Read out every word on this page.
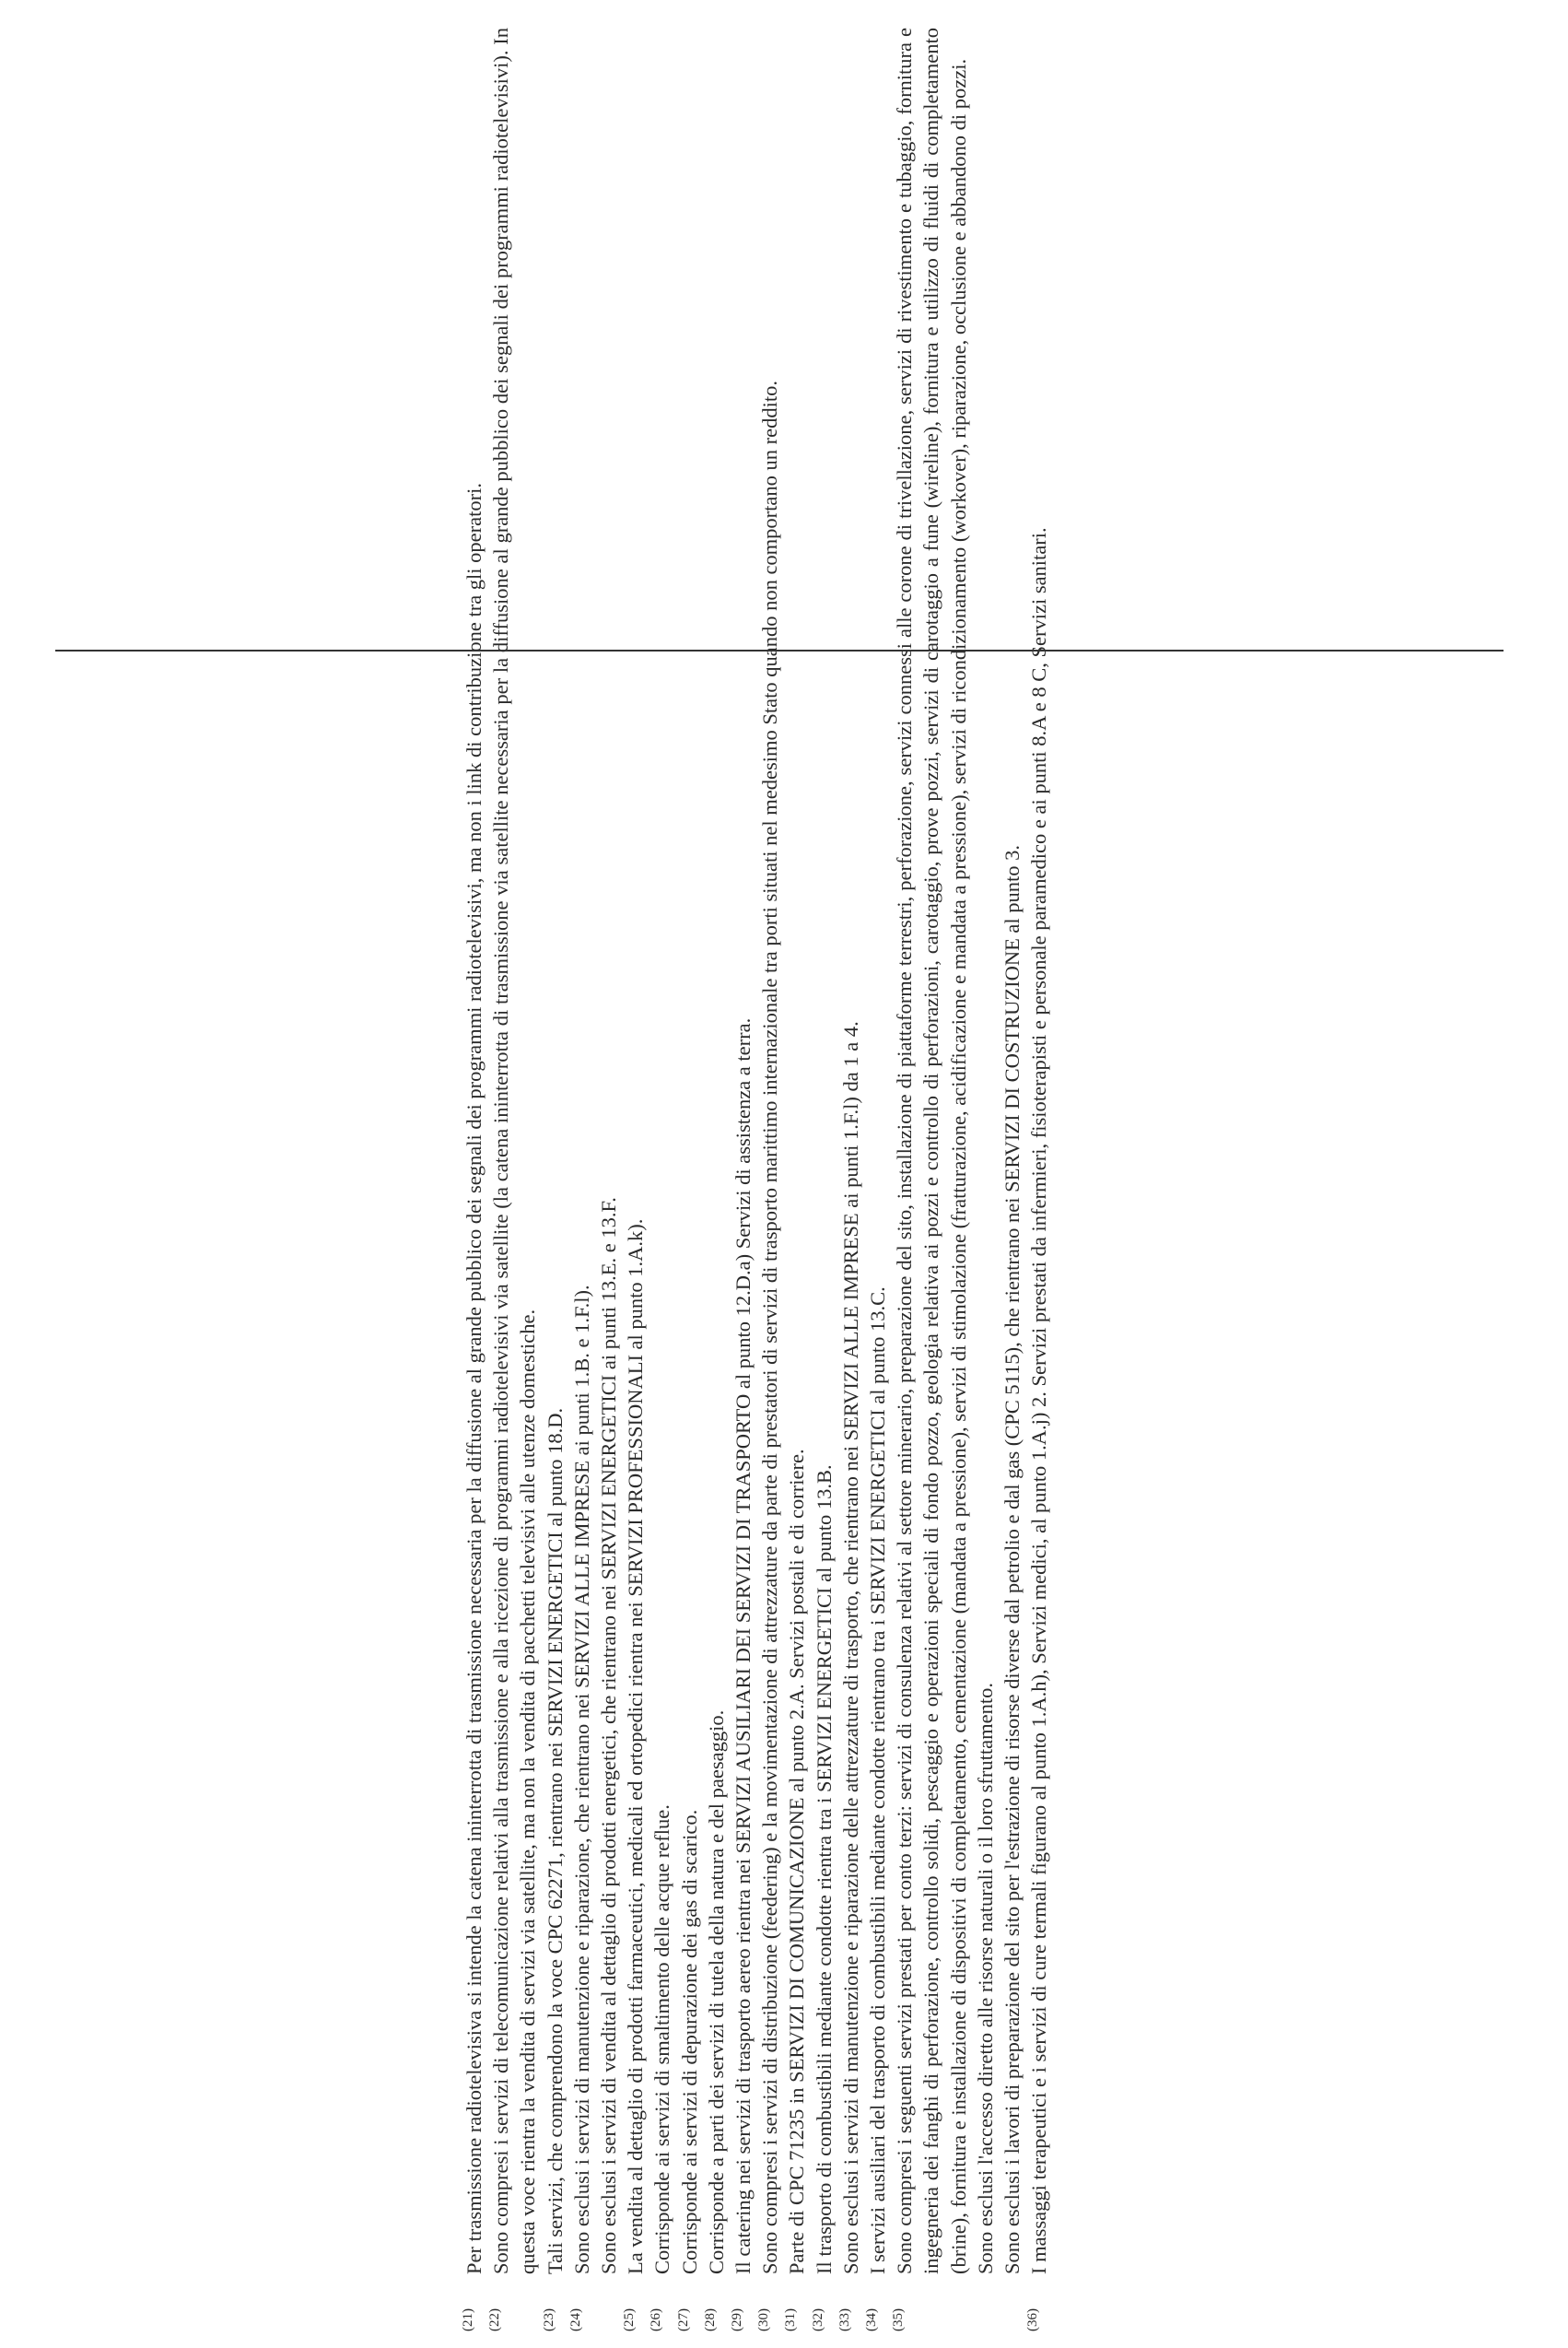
( 21 )
Per trasmissione radiotelevisiva si intende la catena ininterrotta di trasmissione necessaria per la diffusione al grande pubblico dei segnali dei programmi radiotelevisivi, ma non i link di contribuzione tra gli operatori.

( 22 )
Sono compresi i servizi di telecomunicazione relativi alla trasmissione e alla ricezione di programmi radiotelevisivi via satellite (la catena ininterrotta di trasmissione via satellite necessaria per la diffusione al grande pubblico dei segnali dei programmi radiotelevisivi). In questa voce rientra la vendita di servizi via satellite, ma non la vendita di pacchetti televisivi alle utenze domestiche.

( 23 )
Tali servizi, che comprendono la voce CPC 62271, rientrano nei SERVIZI ENERGETICI al punto 18.D.

( 24 )
Sono esclusi i servizi di manutenzione e riparazione, che rientrano nei SERVIZI ALLE IMPRESE ai punti 1.B. e 1.F.l). Sono esclusi i servizi di vendita al dettaglio di prodotti energetici, che rientrano nei SERVIZI ENERGETICI ai punti 13.E. e 13.F.

( 25 )
La vendita al dettaglio di prodotti farmaceutici, medicali ed ortopedici rientra nei SERVIZI PROFESSIONALI al punto 1.A.k).

( 26 )
Corrisponde ai servizi di smaltimento delle acque reflue.

( 27 )
Corrisponde ai servizi di depurazione dei gas di scarico.

( 28 )
Corrisponde a parti dei servizi di tutela della natura e del paesaggio.

( 29 )
Il catering nei servizi di trasporto aereo rientra nei SERVIZI AUSILIARI DEI SERVIZI DI TRASPORTO al punto 12.D.a) Servizi di assistenza a terra.

( 30 )
Sono compresi i servizi di distribuzione (feedering) e la movimentazione di attrezzature da parte di prestatori di servizi di trasporto marittimo internazionale tra porti situati nel medesimo Stato quando non comportano un reddito.

( 31 )
Parte di CPC 71235 in SERVIZI DI COMUNICAZIONE al punto 2.A. Servizi postali e di corriere.

( 32 )
Il trasporto di combustibili mediante condotte rientra tra i SERVIZI ENERGETICI al punto 13.B.

( 33 )
Sono esclusi i servizi di manutenzione e riparazione delle attrezzature di trasporto, che rientrano nei SERVIZI ALLE IMPRESE ai punti 1.F.l) da 1 a 4.

( 34 )
I servizi ausiliari del trasporto di combustibili mediante condotte rientrano tra i SERVIZI ENERGETICI al punto 13.C.

( 35 )
Sono compresi i seguenti servizi prestati per conto terzi: servizi di consulenza relativi al settore minerario, preparazione del sito, installazione di piattaforme terrestri, perforazione, servizi connessi alle corone di trivellazione, servizi di rivestimento e tubaggio, fornitura e ingegneria dei fanghi di perforazione, controllo solidi, pescaggio e operazioni speciali di fondo pozzo, geologia relativa ai pozzi e controllo di perforazioni, carotaggio, prove pozzi, servizi di carotaggio a fune (wireline), fornitura e utilizzo di fluidi di completamento (brine), fornitura e installazione di dispositivi di completamento, cementazione (mandata a pressione), servizi di stimolazione (fratturazione, acidificazione e mandata a pressione), servizi di ricondizionamento (workover), riparazione, occlusione e abbandono di pozzi. Sono esclusi l'accesso diretto alle risorse naturali o il loro sfruttamento. Sono esclusi i lavori di preparazione del sito per l'estrazione di risorse diverse dal petrolio e dal gas (CPC 5115), che rientrano nei SERVIZI DI COSTRUZIONE al punto 3.

( 36 )
I massaggi terapeutici e i servizi di cure termali figurano al punto 1.A.h), Servizi medici, al punto 1.A.j) 2. Servizi prestati da infermieri, fisioterapisti e personale paramedico e ai punti 8.A e 8 C, Servizi sanitari.
